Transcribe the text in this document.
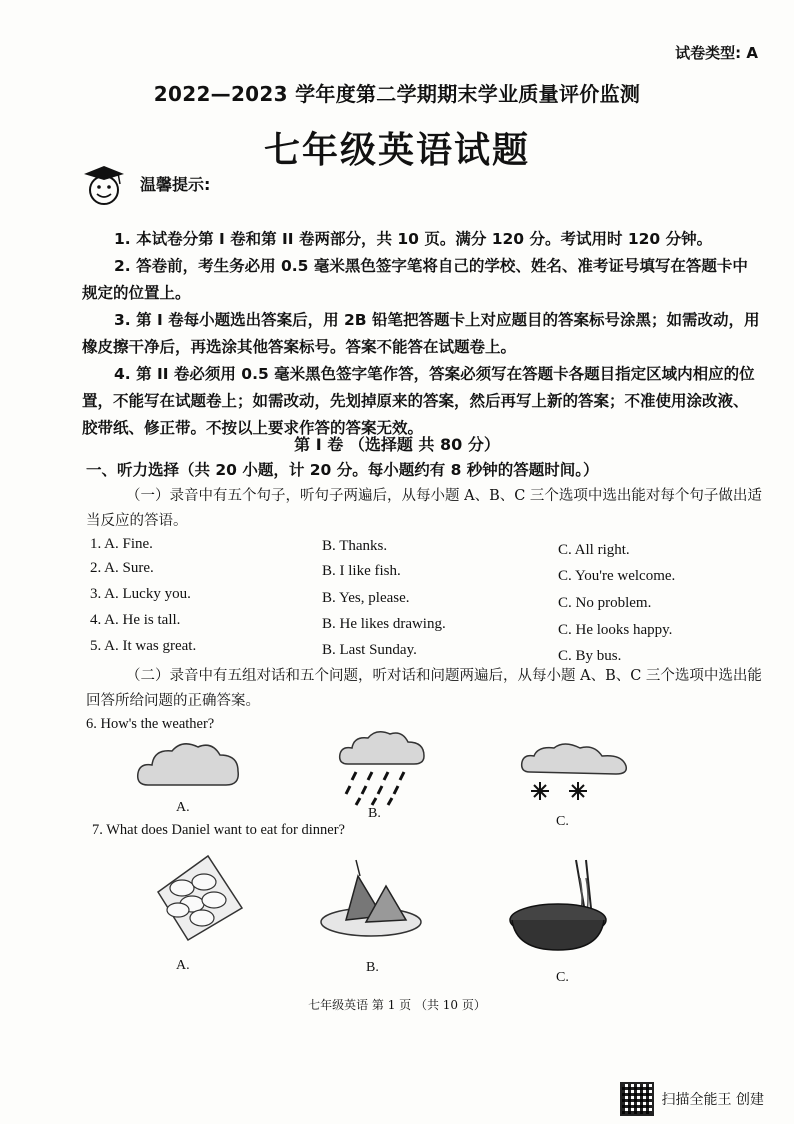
试卷类型: A
2022—2023 学年度第二学期期末学业质量评价监测
七年级英语试题
温馨提示:

1. 本试卷分第 I 卷和第 II 卷两部分，共 10 页。满分 120 分。考试用时 120 分钟。

2. 答卷前，考生务必用 0.5 毫米黑色签字笔将自己的学校、姓名、准考证号填写在答题卡中规定的位置上。

3. 第 I 卷每小题选出答案后，用 2B 铅笔把答题卡上对应题目的答案标号涂黑；如需改动，用橡皮擦干净后，再选涂其他答案标号。答案不能答在试题卷上。

4. 第 II 卷必须用 0.5 毫米黑色签字笔作答，答案必须写在答题卡各题目指定区域内相应的位置，不能写在试题卷上；如需改动，先划掉原来的答案，然后再写上新的答案；不准使用涂改液、胶带纸、修正带。不按以上要求作答的答案无效。

第 I 卷 （选择题 共 80 分）
一、听力选择（共 20 小题，计 20 分。每小题约有 8 秒钟的答题时间。）

（一）录音中有五个句子，听句子两遍后，从每小题 A、B、C 三个选项中选出能对每个句子做出适当反应的答语。

1. A. Fine.	B. Thanks.	C. All right.
2. A. Sure.	B. I like fish.	C. You're welcome.
3. A. Lucky you.	B. Yes, please.	C. No problem.
4. A. He is tall.	B. He likes drawing.	C. He looks happy.
5. A. It was great.	B. Last Sunday.	C. By bus.

（二）录音中有五组对话和五个问题，听对话和问题两遍后，从每小题 A、B、C 三个选项中选出能回答所给问题的正确答案。

6. How's the weather?
A.	B.
C.
7. What does Daniel want to eat for dinner?
A.	B.
C.
七年级英语 第 1 页 （共 10 页）
扫描全能王 创建
